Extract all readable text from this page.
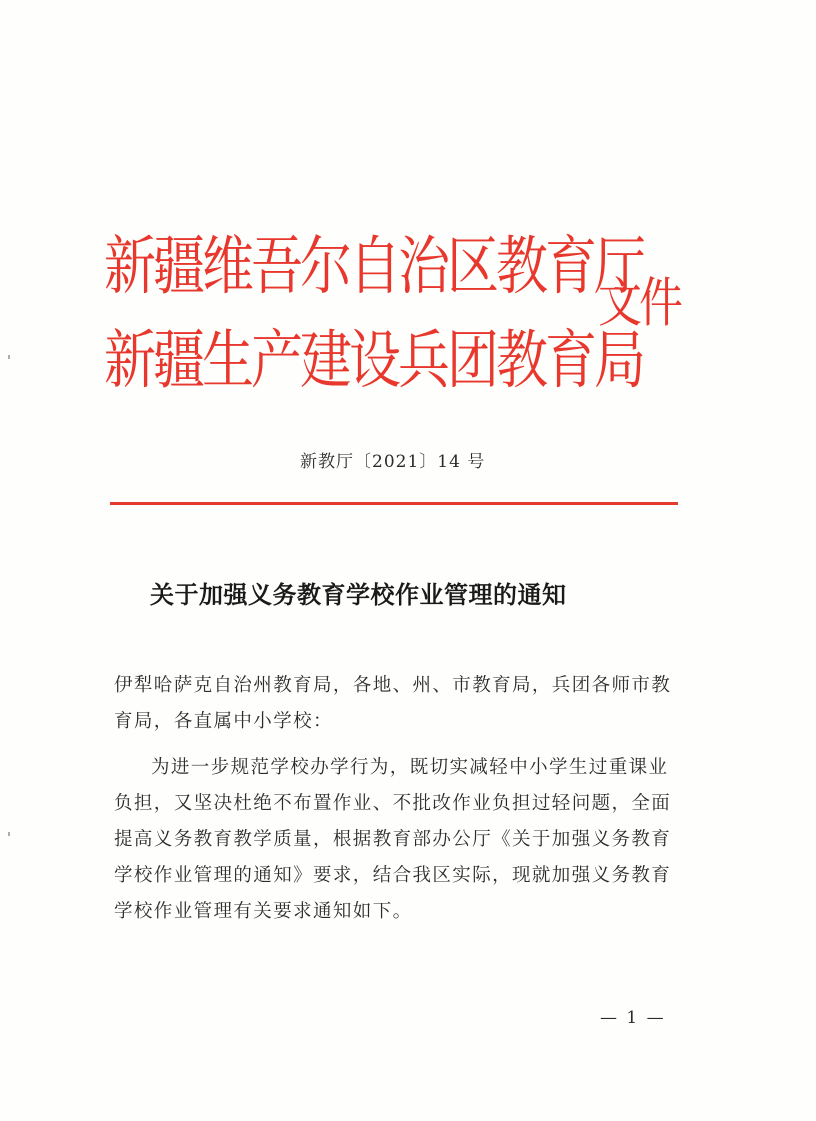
新疆维吾尔自治区教育厅
新疆生产建设兵团教育局
文件
新教厅〔2021〕14 号
关于加强义务教育学校作业管理的通知
伊犁哈萨克自治州教育局，各地、州、市教育局，兵团各师市教
育局，各直属中小学校：
为进一步规范学校办学行为，既切实减轻中小学生过重课业
负担，又坚决杜绝不布置作业、不批改作业负担过轻问题，全面
提高义务教育教学质量，根据教育部办公厅《关于加强义务教育
学校作业管理的通知》要求，结合我区实际，现就加强义务教育
学校作业管理有关要求通知如下。
— 1 —
